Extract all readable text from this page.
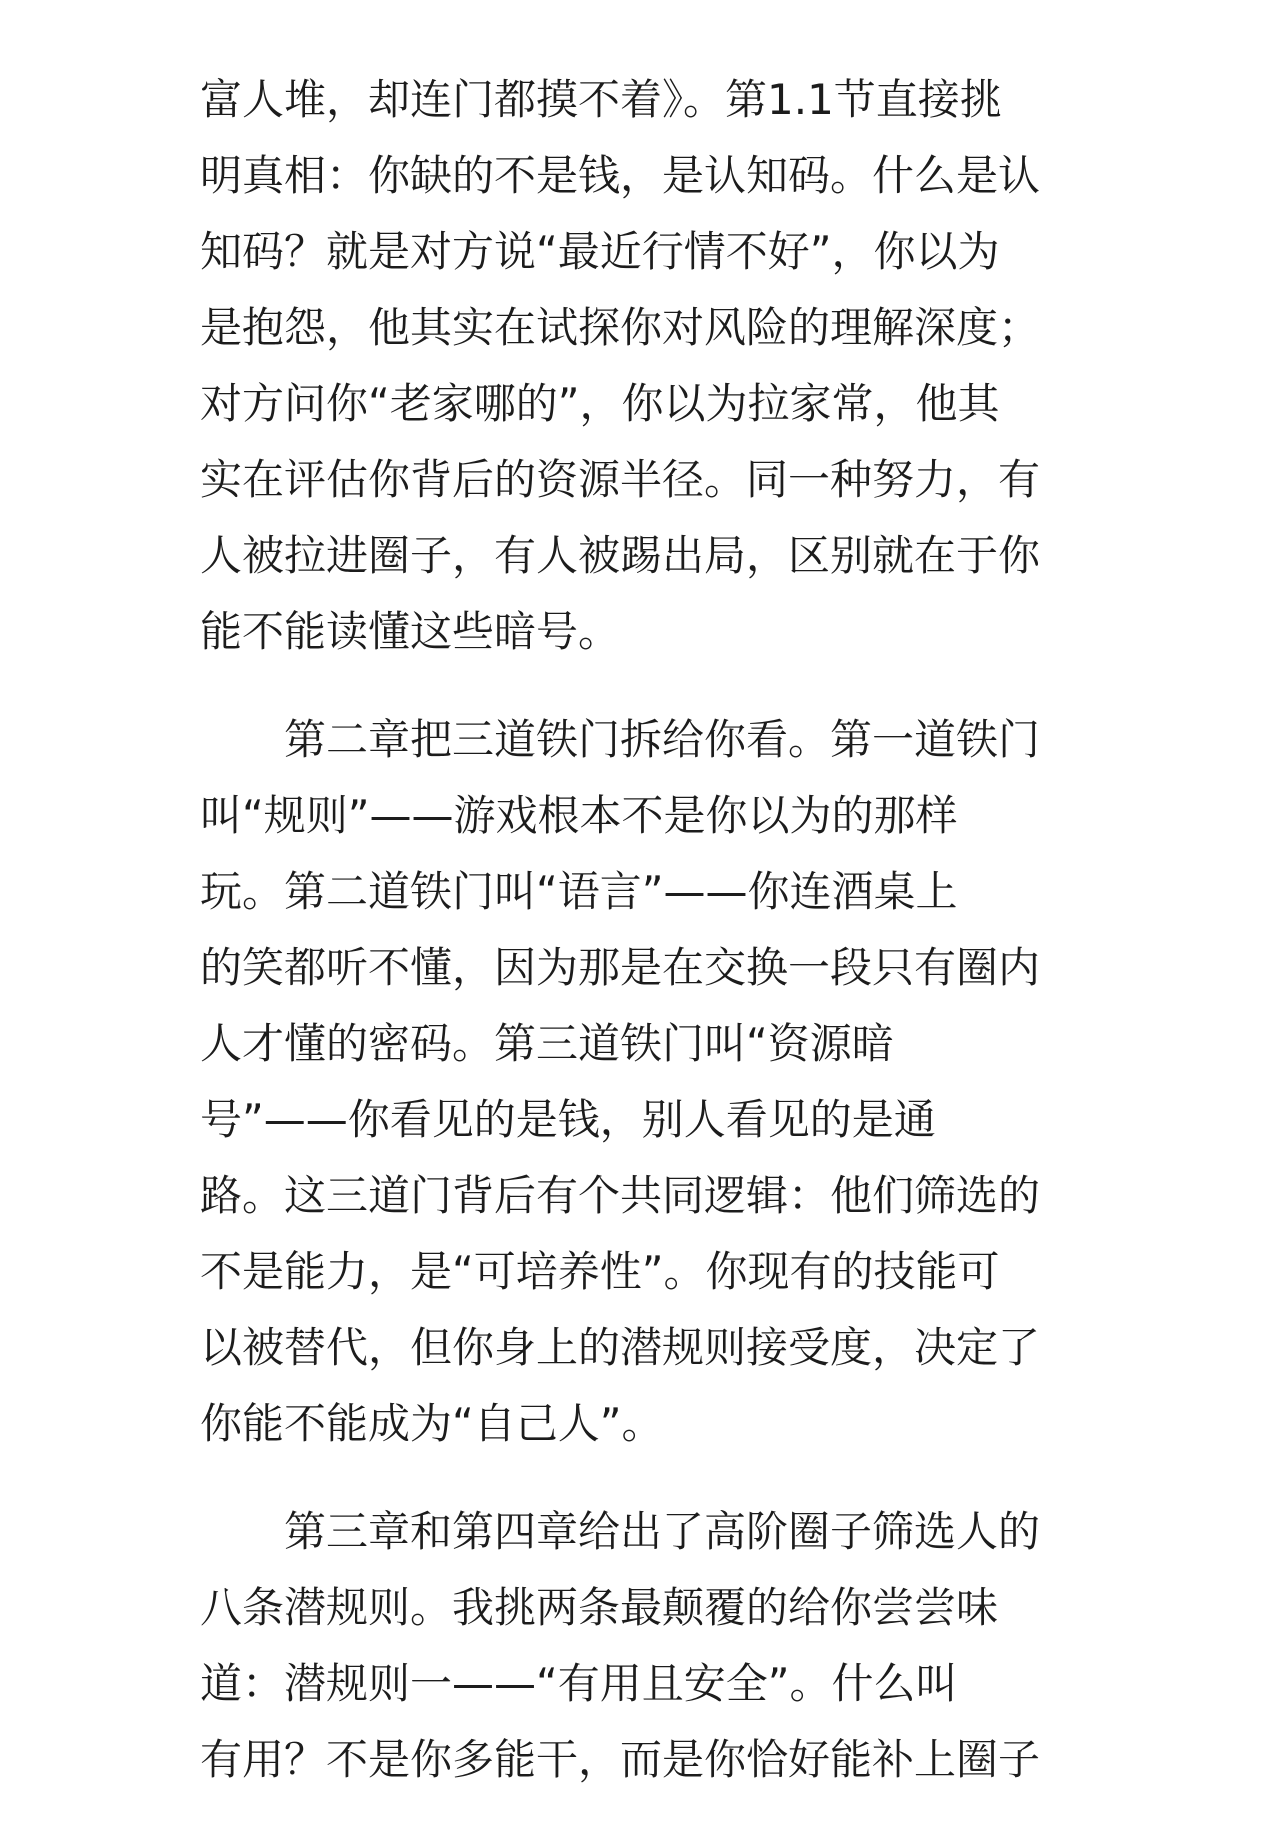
富人堆，却连门都摸不着》。第1.1节直接挑
明真相：你缺的不是钱，是认知码。什么是认
知码？就是对方说“最近行情不好”，你以为
是抱怨，他其实在试探你对风险的理解深度；
对方问你“老家哪的”，你以为拉家常，他其
实在评估你背后的资源半径。同一种努力，有
人被拉进圈子，有人被踢出局，区别就在于你
能不能读懂这些暗号。

第二章把三道铁门拆给你看。第一道铁门
叫“规则”——游戏根本不是你以为的那样
玩。第二道铁门叫“语言”——你连酒桌上
的笑都听不懂，因为那是在交换一段只有圈内
人才懂的密码。第三道铁门叫“资源暗
号”——你看见的是钱，别人看见的是通
路。这三道门背后有个共同逻辑：他们筛选的
不是能力，是“可培养性”。你现有的技能可
以被替代，但你身上的潜规则接受度，决定了
你能不能成为“自己人”。

第三章和第四章给出了高阶圈子筛选人的
八条潜规则。我挑两条最颠覆的给你尝尝味
道：潜规则一——“有用且安全”。什么叫
有用？不是你多能干，而是你恰好能补上圈子
